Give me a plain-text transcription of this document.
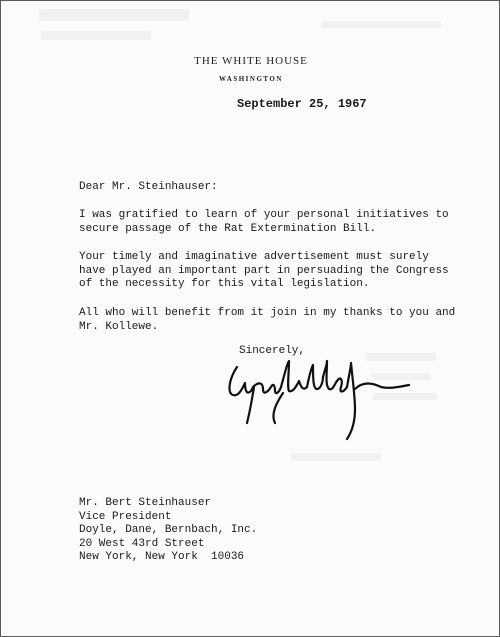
THE WHITE HOUSE
WASHINGTON
September 25, 1967
Dear Mr. Steinhauser:
I was gratified to learn of your personal initiatives to
secure passage of the Rat Extermination Bill.
Your timely and imaginative advertisement must surely
have played an important part in persuading the Congress
of the necessity for this vital legislation.
All who will benefit from it join in my thanks to you and
Mr. Kollewe.
Sincerely,
Mr. Bert Steinhauser
Vice President
Doyle, Dane, Bernbach, Inc.
20 West 43rd Street
New York, New York  10036
